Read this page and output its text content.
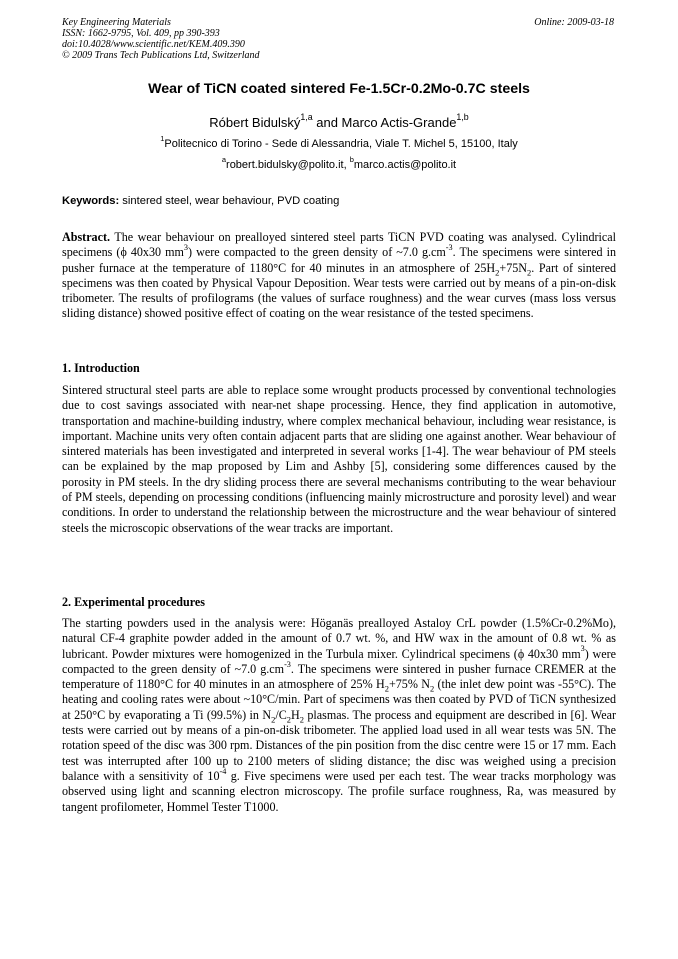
Key Engineering Materials
ISSN: 1662-9795, Vol. 409, pp 390-393
doi:10.4028/www.scientific.net/KEM.409.390
© 2009 Trans Tech Publications Ltd, Switzerland
Online: 2009-03-18
Wear of TiCN coated sintered Fe-1.5Cr-0.2Mo-0.7C steels
Róbert Bidulský$^{1,a}$ and Marco Actis-Grande$^{1,b}$
$^1$Politecnico di Torino - Sede di Alessandria, Viale T. Michel 5, 15100, Italy
$^a$robert.bidulsky@polito.it, $^b$marco.actis@polito.it
Keywords: sintered steel, wear behaviour, PVD coating
Abstract. The wear behaviour on prealloyed sintered steel parts TiCN PVD coating was analysed. Cylindrical specimens (ϕ 40x30 $mm^3$) were compacted to the green density of ~7.0 $g.cm^{-3}$. The specimens were sintered in pusher furnace at the temperature of 1180°C for 40 minutes in an atmosphere of $25H_2+75N_2$. Part of sintered specimens was then coated by Physical Vapour Deposition. Wear tests were carried out by means of a pin-on-disk tribometer. The results of profilograms (the values of surface roughness) and the wear curves (mass loss versus sliding distance) showed positive effect of coating on the wear resistance of the tested specimens.
1. Introduction
Sintered structural steel parts are able to replace some wrought products processed by conventional technologies due to cost savings associated with near-net shape processing. Hence, they find application in automotive, transportation and machine-building industry, where complex mechanical behaviour, including wear resistance, is important. Machine units very often contain adjacent parts that are sliding one against another. Wear behaviour of sintered materials has been investigated and interpreted in several works [1-4]. The wear behaviour of PM steels can be explained by the map proposed by Lim and Ashby [5], considering some differences caused by the porosity in PM steels. In the dry sliding process there are several mechanisms contributing to the wear behaviour of PM steels, depending on processing conditions (influencing mainly microstructure and porosity level) and wear conditions. In order to understand the relationship between the microstructure and the wear behaviour of sintered steels the microscopic observations of the wear tracks are important.
2. Experimental procedures
The starting powders used in the analysis were: Höganäs prealloyed Astaloy CrL powder (1.5%Cr-0.2%Mo), natural CF-4 graphite powder added in the amount of 0.7 wt. %, and HW wax in the amount of 0.8 wt. % as lubricant. Powder mixtures were homogenized in the Turbula mixer. Cylindrical specimens (ϕ 40x30 $mm^3$) were compacted to the green density of ~7.0 $g.cm^{-3}$. The specimens were sintered in pusher furnace CREMER at the temperature of 1180°C for 40 minutes in an atmosphere of 25% $H_2+75\%$ $N_2$ (the inlet dew point was -55°C). The heating and cooling rates were about ~10°C/min. Part of specimens was then coated by PVD of TiCN synthesized at 250°C by evaporating a Ti (99.5%) in $N_2/C_2H_2$ plasmas. The process and equipment are described in [6]. Wear tests were carried out by means of a pin-on-disk tribometer. The applied load used in all wear tests was 5N. The rotation speed of the disc was 300 rpm. Distances of the pin position from the disc centre were 15 or 17 mm. Each test was interrupted after 100 up to 2100 meters of sliding distance; the disc was weighed using a precision balance with a sensitivity of $10^{-4}$ g. Five specimens were used per each test. The wear tracks morphology was observed using light and scanning electron microscopy. The profile surface roughness, Ra, was measured by tangent profilometer, Hommel Tester T1000.
